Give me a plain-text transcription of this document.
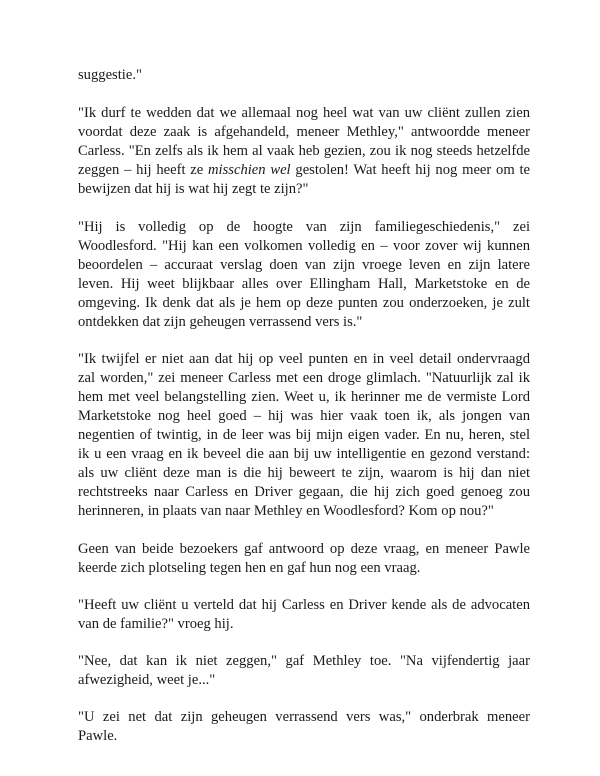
suggestie."
"Ik durf te wedden dat we allemaal nog heel wat van uw cliënt zullen zien
voordat deze zaak is afgehandeld, meneer Methley," antwoordde meneer
Carless. "En zelfs als ik hem al vaak heb gezien, zou ik nog steeds hetzelfde
zeggen – hij heeft ze misschien wel gestolen! Wat heeft hij nog meer om te
bewijzen dat hij is wat hij zegt te zijn?"
"Hij is volledig op de hoogte van zijn familiegeschiedenis," zei
Woodlesford. "Hij kan een volkomen volledig en – voor zover wij kunnen
beoordelen – accuraat verslag doen van zijn vroege leven en zijn latere
leven. Hij weet blijkbaar alles over Ellingham Hall, Marketstoke en de
omgeving. Ik denk dat als je hem op deze punten zou onderzoeken, je zult
ontdekken dat zijn geheugen verrassend vers is."
"Ik twijfel er niet aan dat hij op veel punten en in veel detail ondervraagd
zal worden," zei meneer Carless met een droge glimlach. "Natuurlijk zal ik
hem met veel belangstelling zien. Weet u, ik herinner me de vermiste Lord
Marketstoke nog heel goed – hij was hier vaak toen ik, als jongen van
negentien of twintig, in de leer was bij mijn eigen vader. En nu, heren, stel
ik u een vraag en ik beveel die aan bij uw intelligentie en gezond verstand:
als uw cliënt deze man is die hij beweert te zijn, waarom is hij dan niet
rechtstreeks naar Carless en Driver gegaan, die hij zich goed genoeg zou
herinneren, in plaats van naar Methley en Woodlesford? Kom op nou?"
Geen van beide bezoekers gaf antwoord op deze vraag, en meneer Pawle
keerde zich plotseling tegen hen en gaf hun nog een vraag.
"Heeft uw cliënt u verteld dat hij Carless en Driver kende als de advocaten
van de familie?" vroeg hij.
"Nee, dat kan ik niet zeggen," gaf Methley toe. "Na vijfendertig jaar
afwezigheid, weet je..."
"U zei net dat zijn geheugen verrassend vers was," onderbrak meneer
Pawle.
